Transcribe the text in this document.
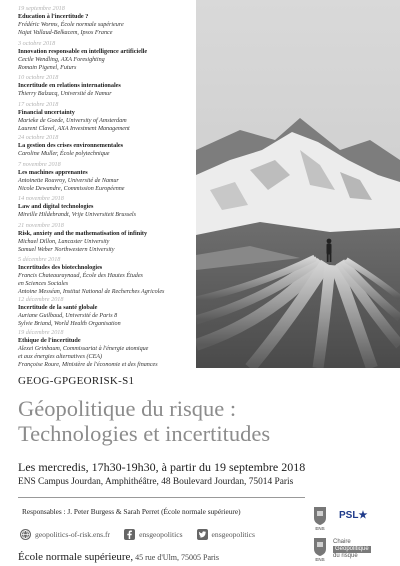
19 septembre 2018
Education à l'incertitude ?
Frédéric Worms, École normale supérieure
Najat Vallaud-Belkacem, Ipsos France
3 octobre 2018
Innovation responsable en intelligence artificielle
Cecile Wendling, AXA Foresighting
Romain Pigenel, Futurs
10 octobre 2018
Incertitude en relations internationales
Thierry Balzacq, Université de Namur
17 octobre 2018
Financial uncertainty
Marieke de Goede, University of Amsterdam
Laurent Clavel, AXA Investment Management
24 octobre 2018
La gestion des crises environnementales
Caroline Muller, École polytechnique
7 novembre 2018
Les machines apprenantes
Antoinette Rouvroy, Université de Namur
Nicole Dewandre, Commission Européenne
14 novembre 2018
Law and digital technologies
Mireille Hildebrandt, Vrije Universiteit Brussels
21 novembre 2018
Risk, anxiety and the mathematisation of infinity
Michael Dillon, Lancaster University
Samuel Weber Northwestern University
5 décembre 2018
Incertitudes des biotechnologies
Francis Chateauraynaud, École des Hautes Études
en Sciences Sociales
Antoine Messéan, Institut National de Recherches Agricoles
12 décembre 2018
Incertitude de la santé globale
Auriane Guilbaud, Université de Paris 8
Sylvie Briand, World Health Organisation
19 décembre 2018
Ethique de l'incertitude
Alexei Grinbaum, Commissariat à l'énergie atomique
et aux énergies alternatives (CEA)
Françoise Roure, Ministère de l'économie et des finances
GEOG-GPGEORISK-S1
Géopolitique du risque :
Technologies et incertitudes
Les mercredis, 17h30-19h30, à partir du 19 septembre 2018
ENS Campus Jourdan, Amphithéâtre, 48 Boulevard Jourdan, 75014 Paris
Responsables : J. Peter Burgess & Sarah Perret (École normale supérieure)
geopolitics-of-risk.ens.fr	ensgeopolitics	ensgeopolitics
École normale supérieure, 45 rue d'Ulm, 75005 Paris
ENS
PSL★
ENS
Chaire
Géopolitique
du risque
